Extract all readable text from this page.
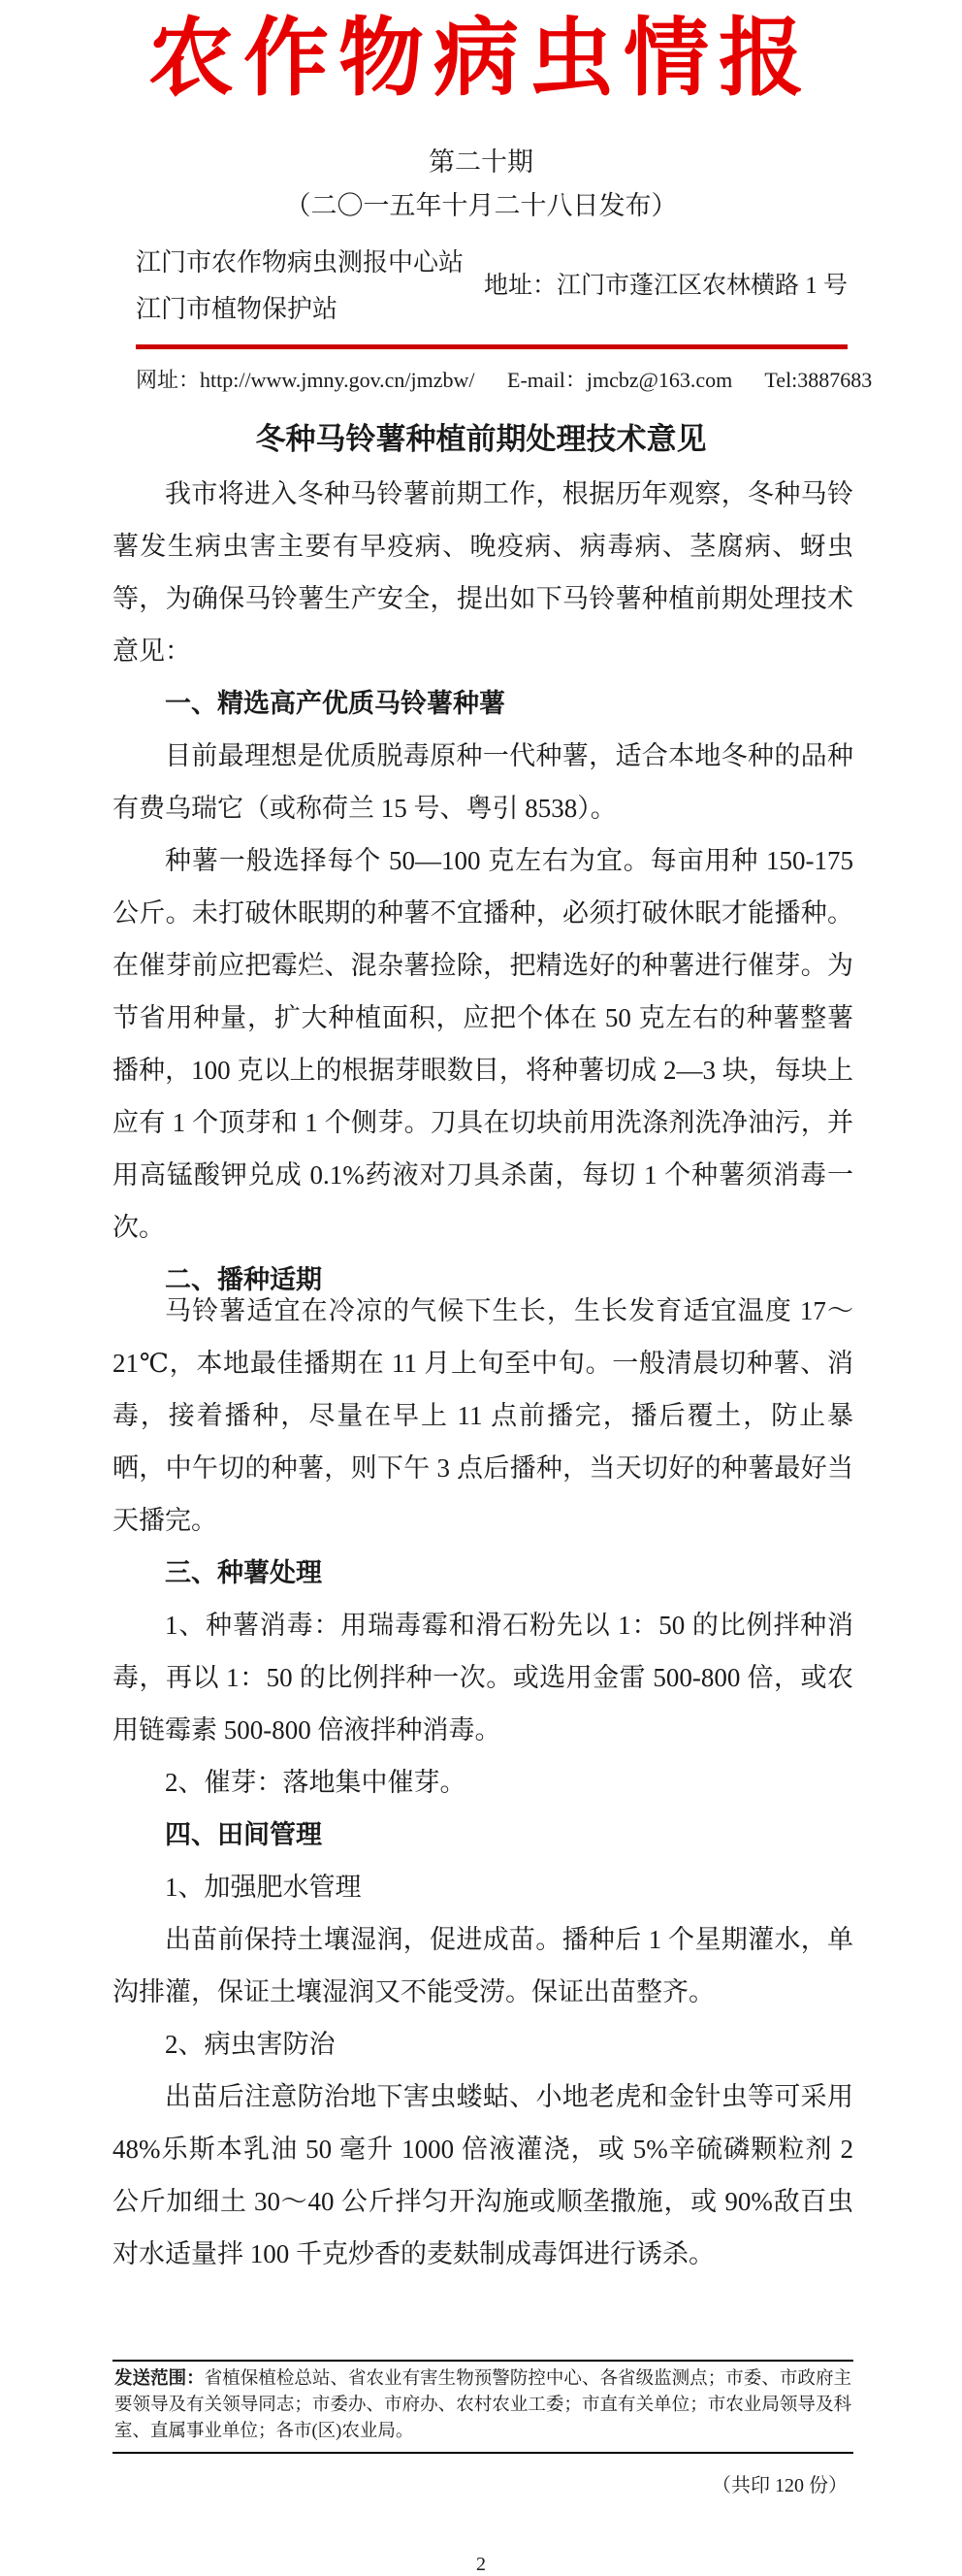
农作物病虫情报
第二十期
（二〇一五年十月二十八日发布）
江门市农作物病虫测报中心站
江门市植物保护站
地址：江门市蓬江区农林横路 1 号
网址：http://www.jmny.gov.cn/jmzbw/ E-mail：jmcbz@163.com Tel:3887683
冬种马铃薯种植前期处理技术意见

我市将进入冬种马铃薯前期工作，根据历年观察，冬种马铃薯发生病虫害主要有早疫病、晚疫病、病毒病、茎腐病、蚜虫等，为确保马铃薯生产安全，提出如下马铃薯种植前期处理技术意见：

一、精选高产优质马铃薯种薯

目前最理想是优质脱毒原种一代种薯，适合本地冬种的品种有费乌瑞它（或称荷兰 15 号、粤引 8538）。

种薯一般选择每个 50—100 克左右为宜。每亩用种 150-175 公斤。未打破休眠期的种薯不宜播种，必须打破休眠才能播种。在催芽前应把霉烂、混杂薯捡除，把精选好的种薯进行催芽。为节省用种量，扩大种植面积，应把个体在 50 克左右的种薯整薯播种，100 克以上的根据芽眼数目，将种薯切成 2—3 块，每块上应有 1 个顶芽和 1 个侧芽。刀具在切块前用洗涤剂洗净油污，并用高锰酸钾兑成 0.1%药液对刀具杀菌，每切 1 个种薯须消毒一次。

二、播种适期

马铃薯适宜在冷凉的气候下生长，生长发育适宜温度 17～21℃，本地最佳播期在 11 月上旬至中旬。一般清晨切种薯、消毒，接着播种，尽量在早上 11 点前播完，播后覆土，防止暴晒，中午切的种薯，则下午 3 点后播种，当天切好的种薯最好当天播完。

三、种薯处理

1、种薯消毒：用瑞毒霉和滑石粉先以 1：50 的比例拌种消毒，再以 1：50 的比例拌种一次。或选用金雷 500-800 倍，或农用链霉素 500-800 倍液拌种消毒。

2、催芽：落地集中催芽。

四、田间管理

1、加强肥水管理

出苗前保持土壤湿润，促进成苗。播种后 1 个星期灌水，单沟排灌，保证土壤湿润又不能受涝。保证出苗整齐。

2、病虫害防治

出苗后注意防治地下害虫蝼蛄、小地老虎和金针虫等可采用 48%乐斯本乳油 50 毫升 1000 倍液灌浇，或 5%辛硫磷颗粒剂 2 公斤加细土 30～40 公斤拌匀开沟施或顺垄撒施，或 90%敌百虫对水适量拌 100 千克炒香的麦麸制成毒饵进行诱杀。

发送范围：省植保植检总站、省农业有害生物预警防控中心、各省级监测点；市委、市政府主要领导及有关领导同志；市委办、市府办、农村农业工委；市直有关单位；市农业局领导及科室、直属事业单位；各市(区)农业局。
（共印 120 份）
2
